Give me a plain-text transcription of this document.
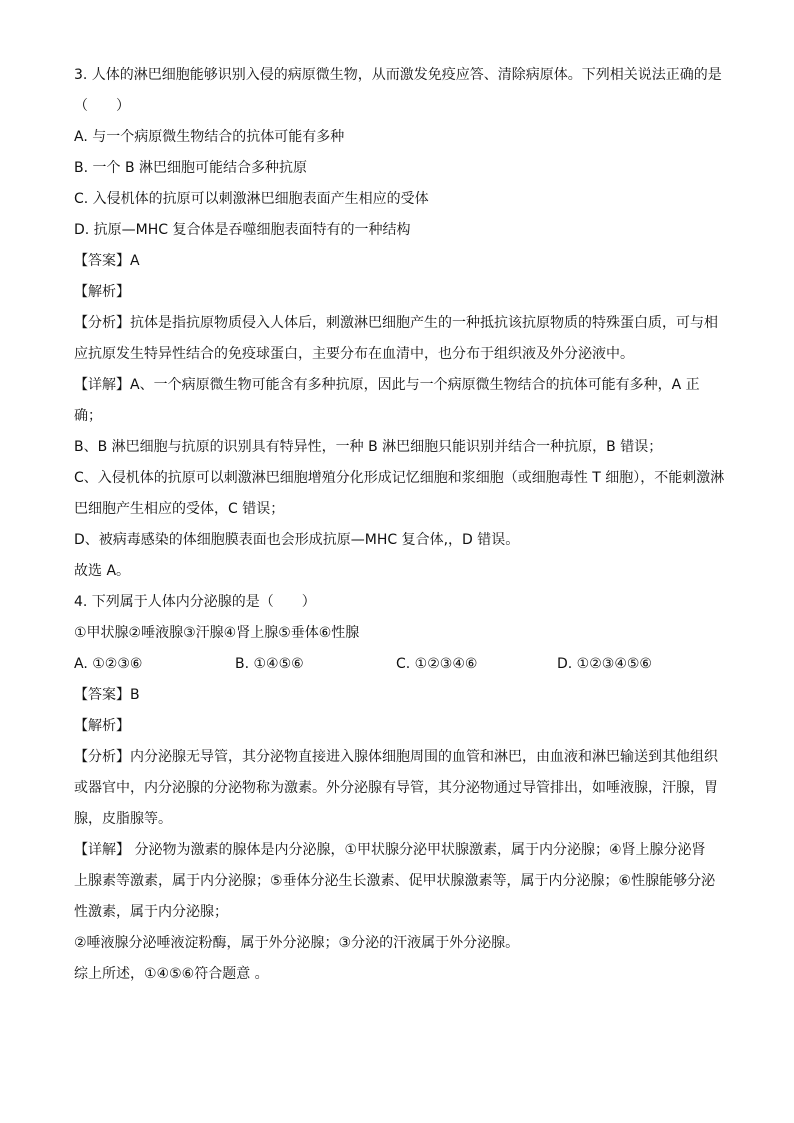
3. 人体的淋巴细胞能够识别入侵的病原微生物，从而激发免疫应答、清除病原体。下列相关说法正确的是
（　　）
A. 与一个病原微生物结合的抗体可能有多种
B. 一个 B 淋巴细胞可能结合多种抗原
C. 入侵机体的抗原可以刺激淋巴细胞表面产生相应的受体
D. 抗原—MHC 复合体是吞噬细胞表面特有的一种结构
【答案】A
【解析】
【分析】抗体是指抗原物质侵入人体后，刺激淋巴细胞产生的一种抵抗该抗原物质的特殊蛋白质，可与相
应抗原发生特异性结合的免疫球蛋白，主要分布在血清中，也分布于组织液及外分泌液中。
【详解】A、一个病原微生物可能含有多种抗原，因此与一个病原微生物结合的抗体可能有多种，A 正
确；
B、B 淋巴细胞与抗原的识别具有特异性，一种 B 淋巴细胞只能识别并结合一种抗原，B 错误；
C、入侵机体的抗原可以刺激淋巴细胞增殖分化形成记忆细胞和浆细胞（或细胞毒性 T 细胞），不能刺激淋
巴细胞产生相应的受体，C 错误；
D、被病毒感染的体细胞膜表面也会形成抗原—MHC 复合体,，D 错误。
故选 A。
4. 下列属于人体内分泌腺的是（　　）
①甲状腺②唾液腺③汗腺④肾上腺⑤垂体⑥性腺
A. ①②③⑥	B. ①④⑤⑥	C. ①②③④⑥	D. ①②③④⑤⑥
【答案】B
【解析】
【分析】内分泌腺无导管，其分泌物直接进入腺体细胞周围的血管和淋巴，由血液和淋巴输送到其他组织
或器官中，内分泌腺的分泌物称为激素。外分泌腺有导管，其分泌物通过导管排出，如唾液腺，汗腺，胃
腺，皮脂腺等。
【详解】 分泌物为激素的腺体是内分泌腺，①甲状腺分泌甲状腺激素，属于内分泌腺；④肾上腺分泌肾
上腺素等激素，属于内分泌腺；⑤垂体分泌生长激素、促甲状腺激素等，属于内分泌腺；⑥性腺能够分泌
性激素，属于内分泌腺；
②唾液腺分泌唾液淀粉酶，属于外分泌腺；③分泌的汗液属于外分泌腺。
综上所述，①④⑤⑥符合题意 。
